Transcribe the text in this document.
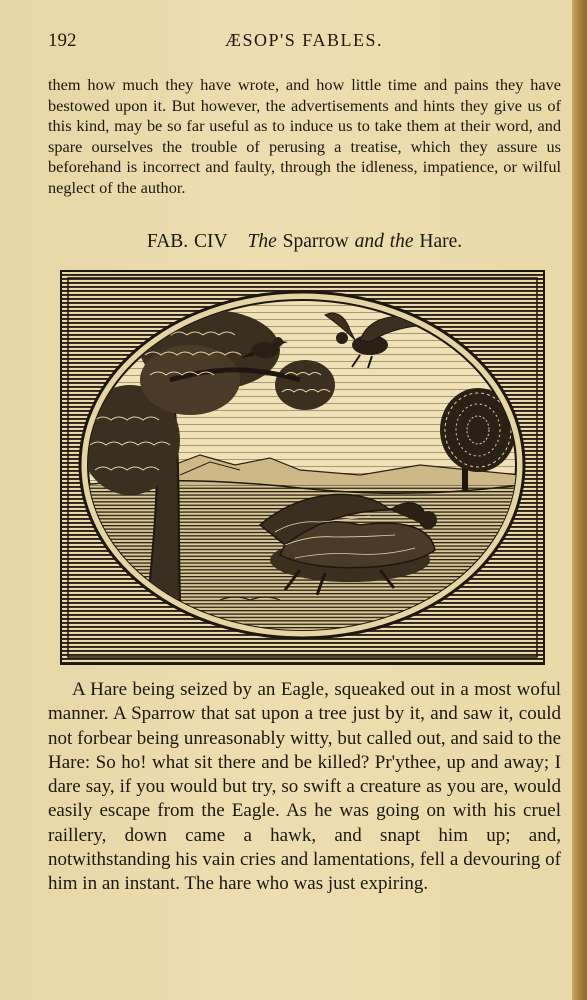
192	ÆSOP'S FABLES.
them how much they have wrote, and how little time and pains they have bestowed upon it. But however, the advertisements and hints they give us of this kind, may be so far useful as to induce us to take them at their word, and spare ourselves the trouble of perusing a treatise, which they assure us beforehand is incorrect and faulty, through the idleness, impatience, or wilful neglect of the author.
FAB. CIV The Sparrow and the Hare.

A Hare being seized by an Eagle, squeaked out in a most woful manner. A Sparrow that sat upon a tree just by it, and saw it, could not forbear being unreasonably witty, but called out, and said to the Hare: So ho! what sit there and be killed? Pr'ythee, up and away; I dare say, if you would but try, so swift a creature as you are, would easily escape from the Eagle. As he was going on with his cruel raillery, down came a hawk, and snapt him up; and, notwithstanding his vain cries and lamentations, fell a devouring of him in an instant. The hare who was just expiring.
